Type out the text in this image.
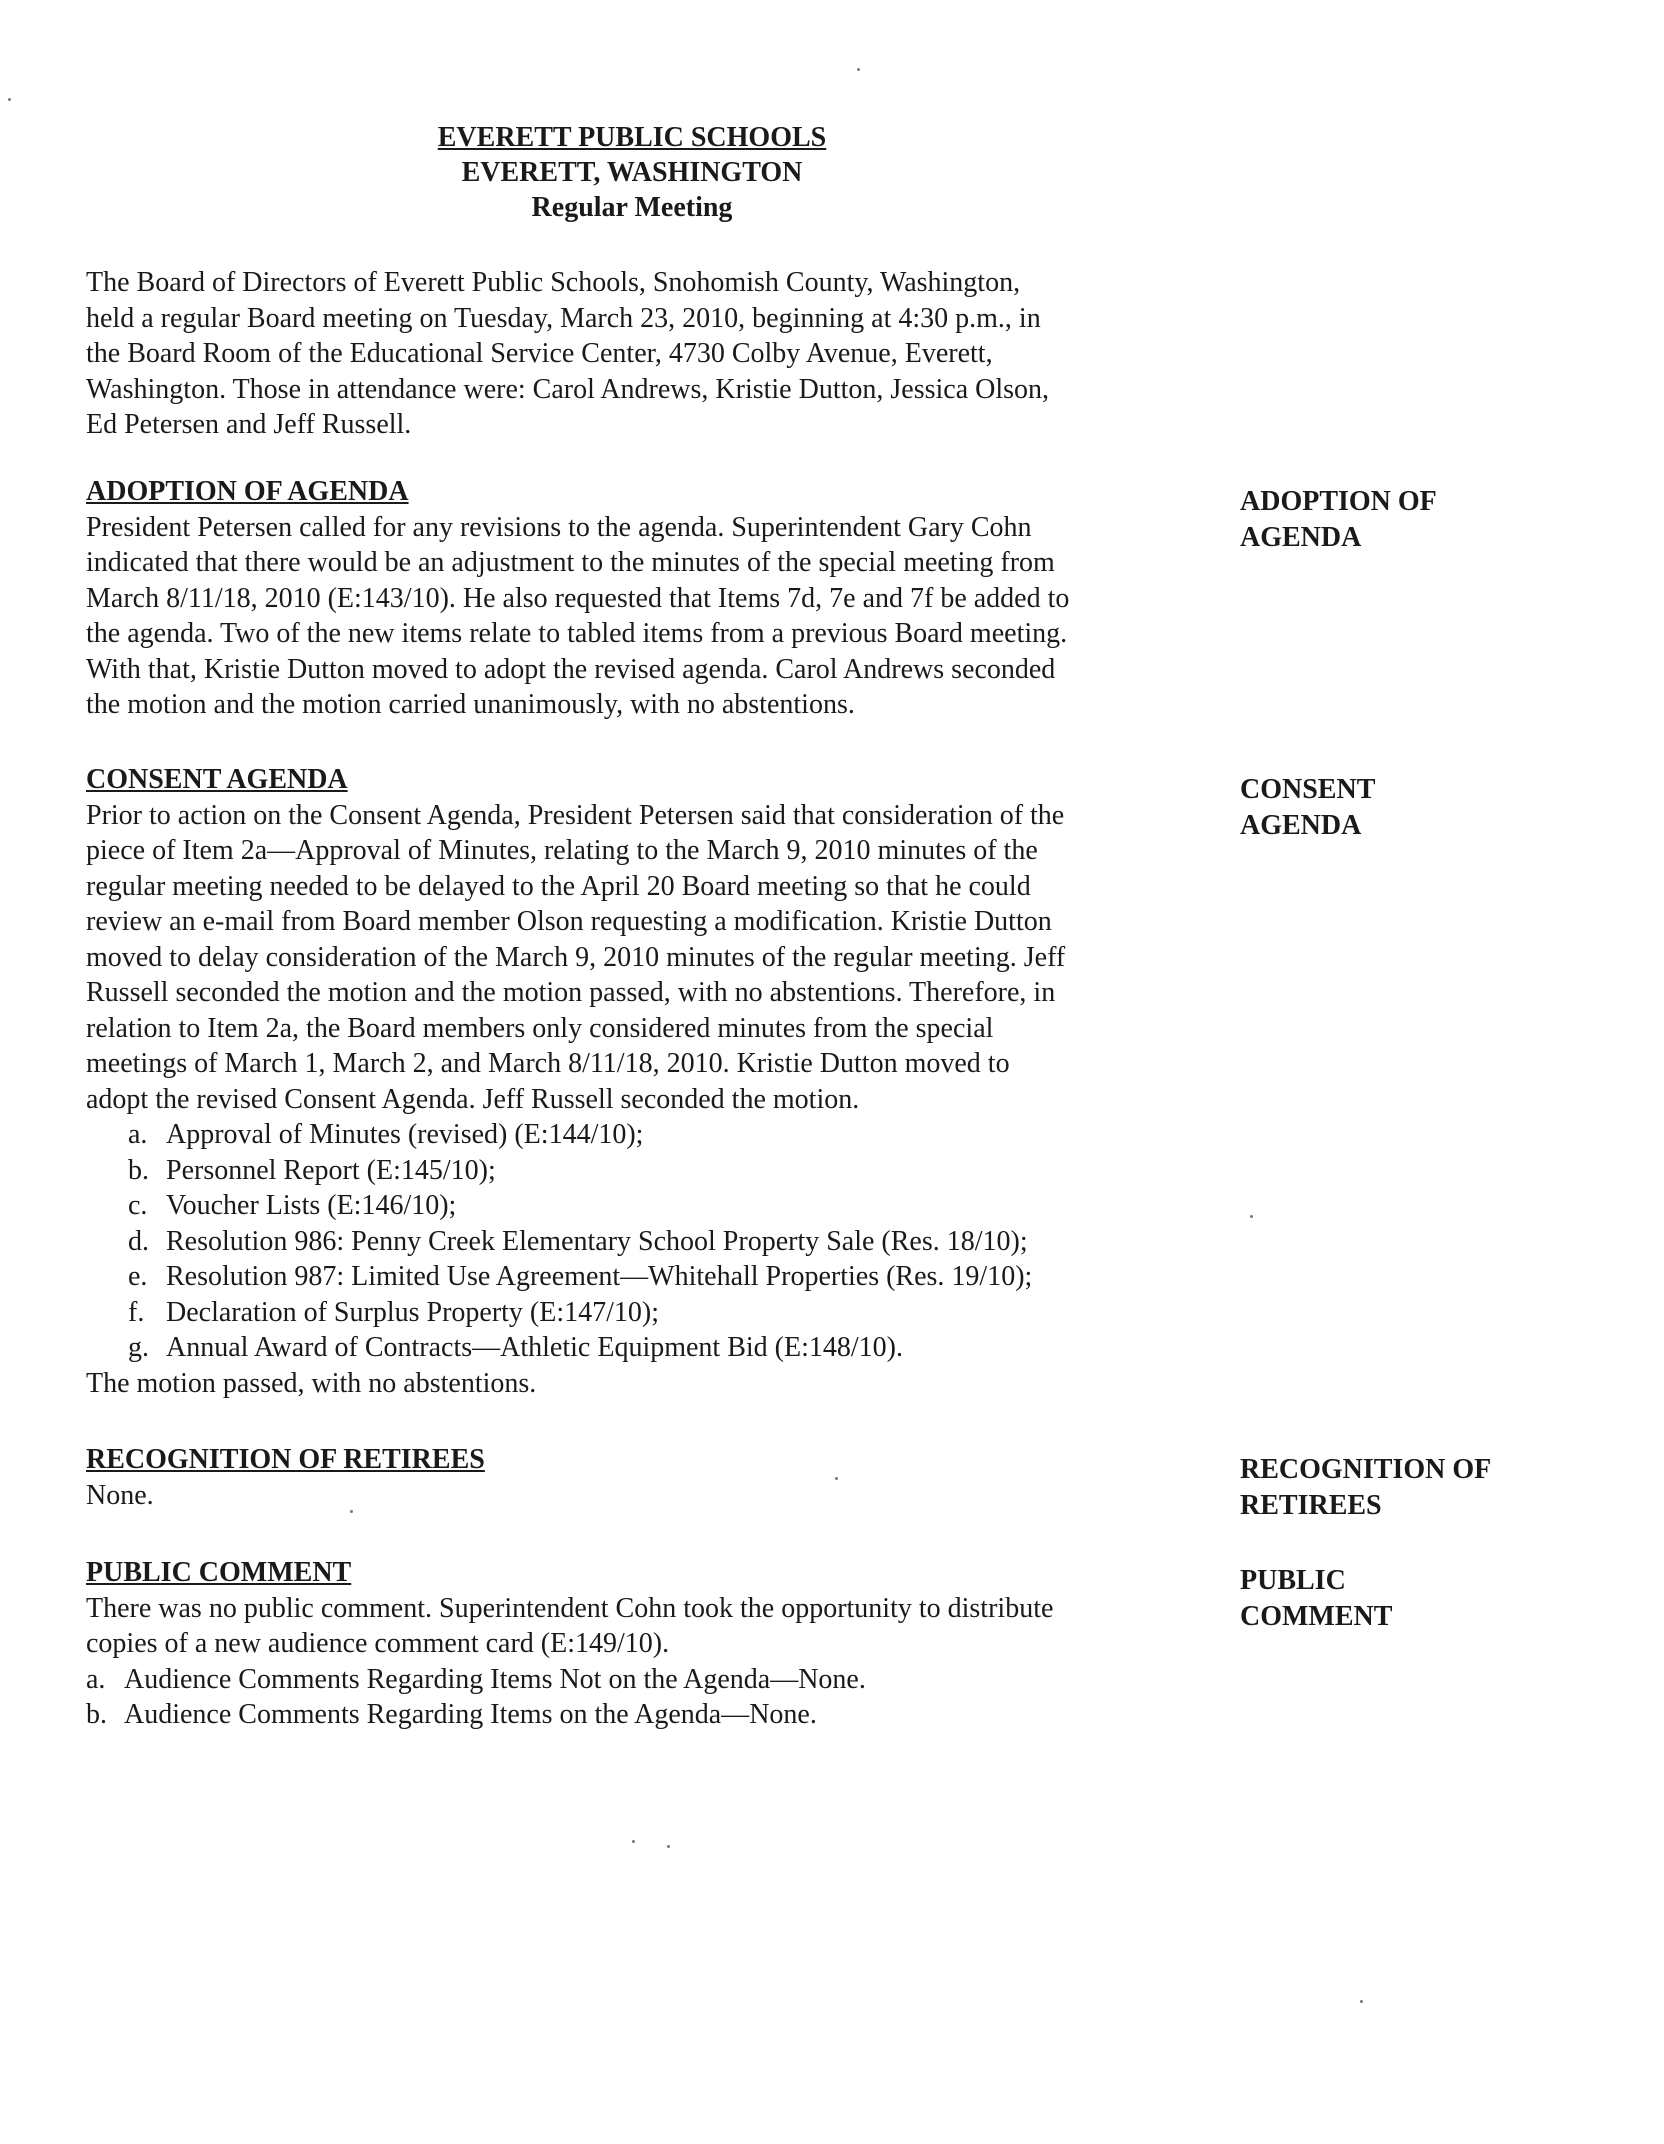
EVERETT PUBLIC SCHOOLS
EVERETT, WASHINGTON
Regular Meeting
The Board of Directors of Everett Public Schools, Snohomish County, Washington,
held a regular Board meeting on Tuesday, March 23, 2010, beginning at 4:30 p.m., in
the Board Room of the Educational Service Center, 4730 Colby Avenue, Everett,
Washington. Those in attendance were: Carol Andrews, Kristie Dutton, Jessica Olson,
Ed Petersen and Jeff Russell.
ADOPTION OF AGENDA
President Petersen called for any revisions to the agenda. Superintendent Gary Cohn
indicated that there would be an adjustment to the minutes of the special meeting from
March 8/11/18, 2010 (E:143/10). He also requested that Items 7d, 7e and 7f be added to
the agenda. Two of the new items relate to tabled items from a previous Board meeting.
With that, Kristie Dutton moved to adopt the revised agenda. Carol Andrews seconded
the motion and the motion carried unanimously, with no abstentions.
ADOPTION OF
AGENDA
CONSENT AGENDA
Prior to action on the Consent Agenda, President Petersen said that consideration of the
piece of Item 2a—Approval of Minutes, relating to the March 9, 2010 minutes of the
regular meeting needed to be delayed to the April 20 Board meeting so that he could
review an e-mail from Board member Olson requesting a modification. Kristie Dutton
moved to delay consideration of the March 9, 2010 minutes of the regular meeting. Jeff
Russell seconded the motion and the motion passed, with no abstentions. Therefore, in
relation to Item 2a, the Board members only considered minutes from the special
meetings of March 1, March 2, and March 8/11/18, 2010. Kristie Dutton moved to
adopt the revised Consent Agenda. Jeff Russell seconded the motion.
a. Approval of Minutes (revised) (E:144/10);
b. Personnel Report (E:145/10);
c. Voucher Lists (E:146/10);
d. Resolution 986: Penny Creek Elementary School Property Sale (Res. 18/10);
e. Resolution 987: Limited Use Agreement—Whitehall Properties (Res. 19/10);
f. Declaration of Surplus Property (E:147/10);
g. Annual Award of Contracts—Athletic Equipment Bid (E:148/10).
The motion passed, with no abstentions.
CONSENT
AGENDA
RECOGNITION OF RETIREES
None.
RECOGNITION OF
RETIREES
PUBLIC COMMENT
There was no public comment. Superintendent Cohn took the opportunity to distribute
copies of a new audience comment card (E:149/10).
a. Audience Comments Regarding Items Not on the Agenda—None.
b. Audience Comments Regarding Items on the Agenda—None.
PUBLIC
COMMENT
